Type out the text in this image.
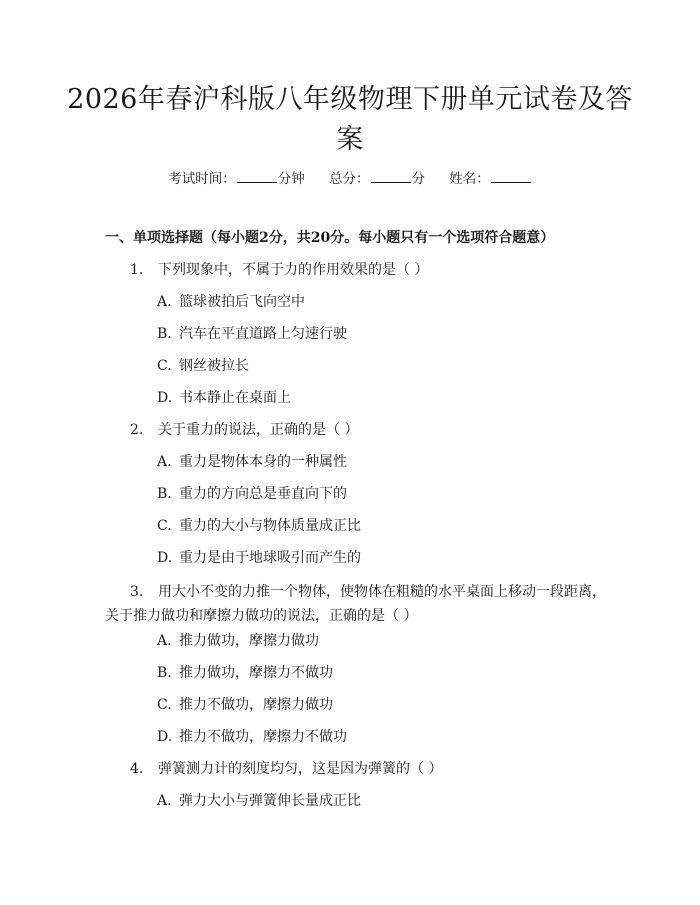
2026年春沪科版八年级物理下册单元试卷及答案
考试时间：	分钟 总分：	分 姓名：
一、单项选择题（每小题2分，共20分。每小题只有一个选项符合题意）
1. 下列现象中，不属于力的作用效果的是（ ）
A. 篮球被拍后飞向空中
B. 汽车在平直道路上匀速行驶
C. 钢丝被拉长
D. 书本静止在桌面上
2. 关于重力的说法，正确的是（ ）
A. 重力是物体本身的一种属性
B. 重力的方向总是垂直向下的
C. 重力的大小与物体质量成正比
D. 重力是由于地球吸引而产生的
3. 用大小不变的力推一个物体，使物体在粗糙的水平桌面上移动一段距离，关于推力做功和摩擦力做功的说法，正确的是（ ）
A. 推力做功，摩擦力做功
B. 推力做功，摩擦力不做功
C. 推力不做功，摩擦力做功
D. 推力不做功，摩擦力不做功
4. 弹簧测力计的刻度均匀，这是因为弹簧的（ ）
A. 弹力大小与弹簧伸长量成正比
